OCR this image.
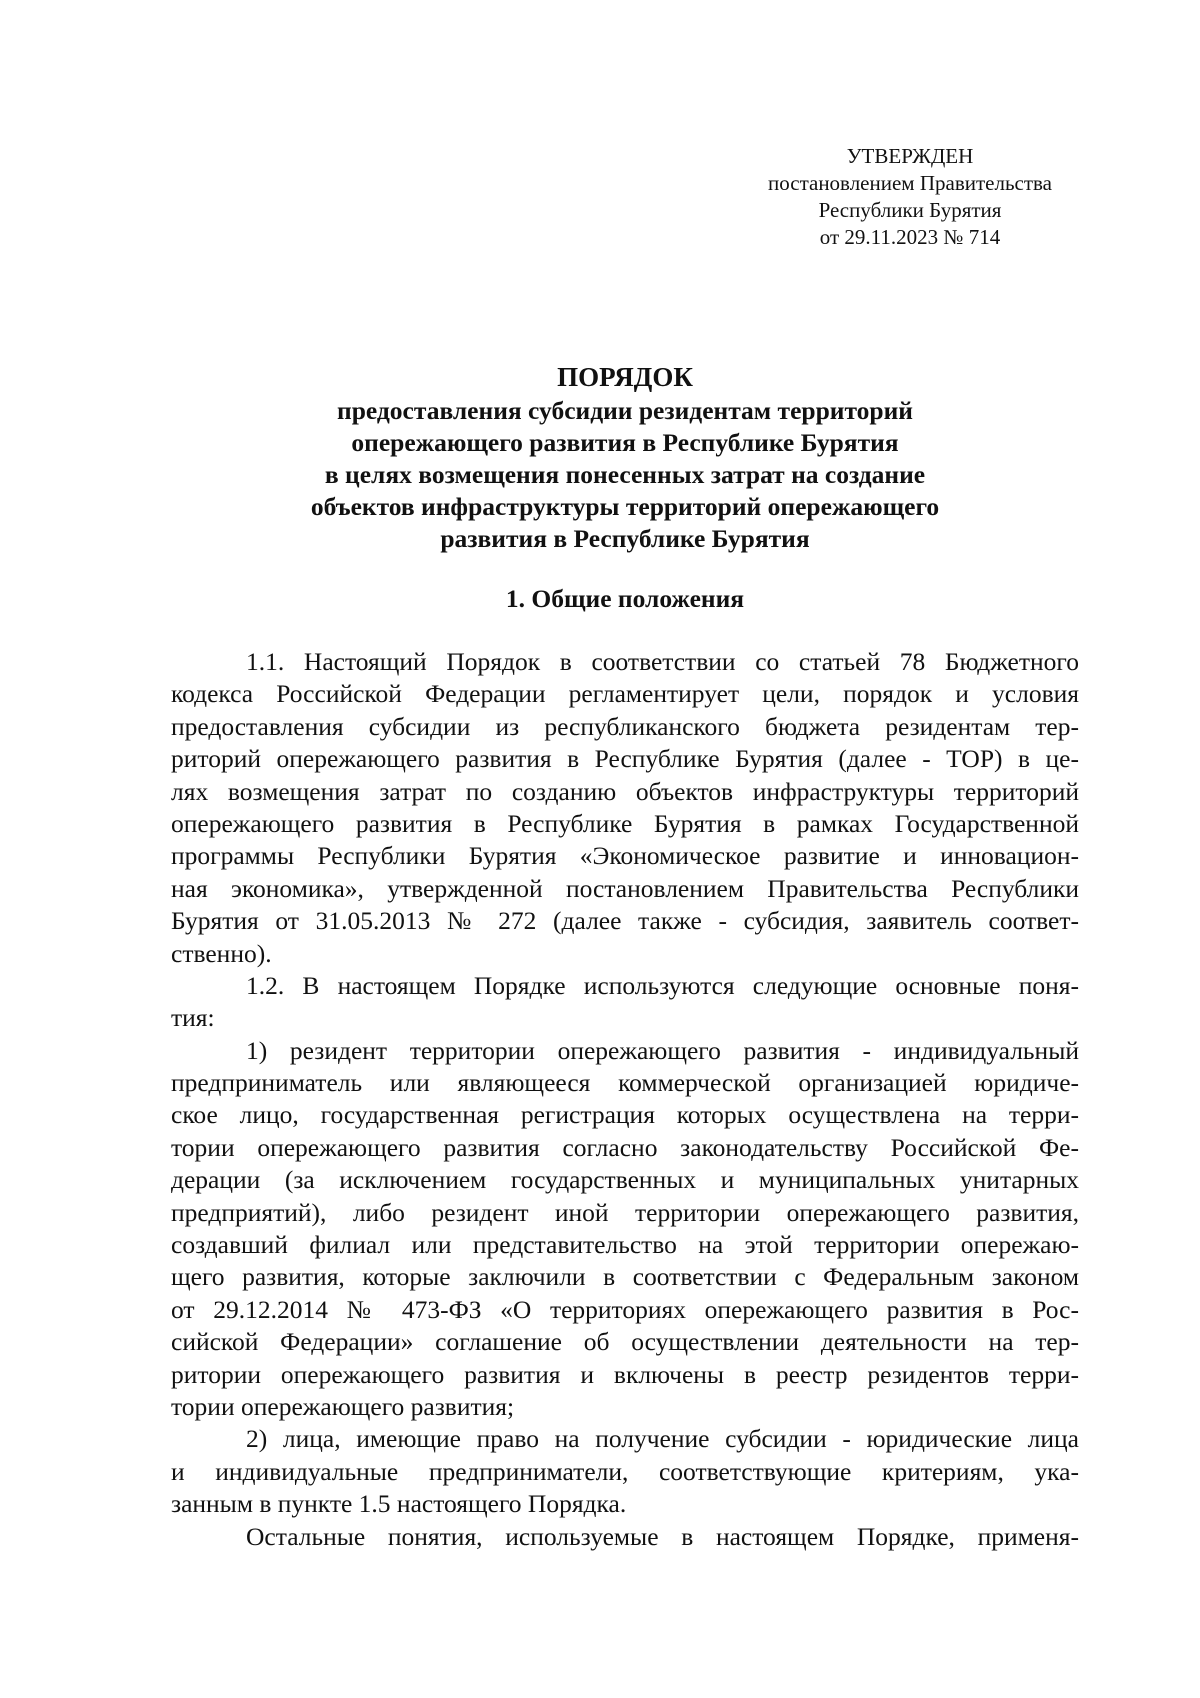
УТВЕРЖДЕН
постановлением Правительства
Республики Бурятия
от 29.11.2023 № 714
ПОРЯДОК
предоставления субсидии резидентам территорий
опережающего развития в Республике Бурятия
в целях возмещения понесенных затрат на создание
объектов инфраструктуры территорий опережающего
развития в Республике Бурятия
1. Общие положения
1.1. Настоящий Порядок в соответствии со статьей 78 Бюджетного
кодекса Российской Федерации регламентирует цели, порядок и условия
предоставления субсидии из республиканского бюджета резидентам тер-
риторий опережающего развития в Республике Бурятия (далее - ТОР) в це-
лях возмещения затрат по созданию объектов инфраструктуры территорий
опережающего развития в Республике Бурятия в рамках Государственной
программы Республики Бурятия «Экономическое развитие и инновацион-
ная экономика», утвержденной постановлением Правительства Республики
Бурятия от 31.05.2013 № 272 (далее также - субсидия, заявитель соответ-
ственно).
1.2. В настоящем Порядке используются следующие основные поня-
тия:
1) резидент территории опережающего развития - индивидуальный
предприниматель или являющееся коммерческой организацией юридиче-
ское лицо, государственная регистрация которых осуществлена на терри-
тории опережающего развития согласно законодательству Российской Фе-
дерации (за исключением государственных и муниципальных унитарных
предприятий), либо резидент иной территории опережающего развития,
создавший филиал или представительство на этой территории опережаю-
щего развития, которые заключили в соответствии с Федеральным законом
от 29.12.2014 № 473-ФЗ «О территориях опережающего развития в Рос-
сийской Федерации» соглашение об осуществлении деятельности на тер-
ритории опережающего развития и включены в реестр резидентов терри-
тории опережающего развития;
2) лица, имеющие право на получение субсидии - юридические лица
и индивидуальные предприниматели, соответствующие критериям, ука-
занным в пункте 1.5 настоящего Порядка.
Остальные понятия, используемые в настоящем Порядке, применя-
